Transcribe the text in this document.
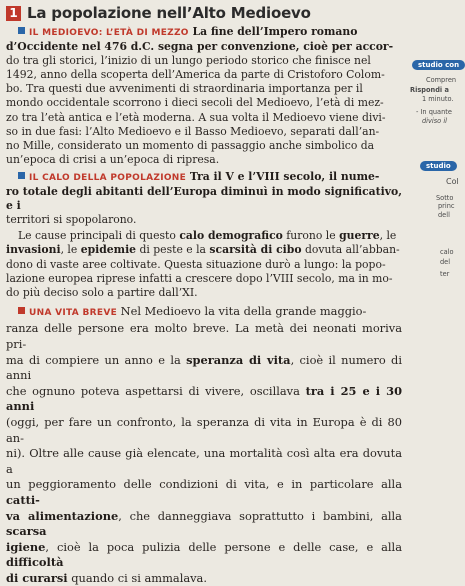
1 La popolazione nell’Alto Medioevo

IL MEDIOEVO: L’ETÀ DI MEZZO La fine dell’Impero romano

d’Occidente nel 476 d.C. segna per convenzione, cioè per accor-

do tra gli storici, l’inizio di un lungo periodo storico che finisce nel

1492, anno della scoperta dell’America da parte di Cristoforo Colom-

bo. Tra questi due avvenimenti di straordinaria importanza per il

mondo occidentale scorrono i dieci secoli del Medioevo, l’età di mez-

zo tra l’età antica e l’età moderna. A sua volta il Medioevo viene divi-

so in due fasi: l’Alto Medioevo e il Basso Medioevo, separati dall’an-

no Mille, considerato un momento di passaggio anche simbolico da

un’epoca di crisi a un’epoca di ripresa.

IL CALO DELLA POPOLAZIONE Tra il V e l’VIII secolo, il nume-

ro totale degli abitanti dell’Europa diminuì in modo significativo, e i

territori si spopolarono.

Le cause principali di questo calo demografico furono le guerre, le

invasioni, le epidemie di peste e la scarsità di cibo dovuta all’abban-

dono di vaste aree coltivate. Questa situazione durò a lungo: la popo-

lazione europea riprese infatti a crescere dopo l’VIII secolo, ma in mo-

do più deciso solo a partire dall’XI.

UNA VITA BREVE Nel Medioevo la vita della grande maggio-

ranza delle persone era molto breve. La metà dei neonati moriva pri-

ma di compiere un anno e la speranza di vita, cioè il numero di anni

che ognuno poteva aspettarsi di vivere, oscillava tra i 25 e i 30 anni

(oggi, per fare un confronto, la speranza di vita in Europa è di 80 an-

ni). Oltre alle cause già elencate, una mortalità così alta era dovuta a

un peggioramento delle condizioni di vita, e in particolare alla catti-

va alimentazione, che danneggiava soprattutto i bambini, alla scarsa

igiene, cioè la poca pulizia delle persone e delle case, e alla difficoltà

di curarsi quando ci si ammalava.

studio con
Compren
Rispondi a
1 minuto.
- In quante
diviso il
studio
Col
Sotto
princ
dell
calo
del
ter
